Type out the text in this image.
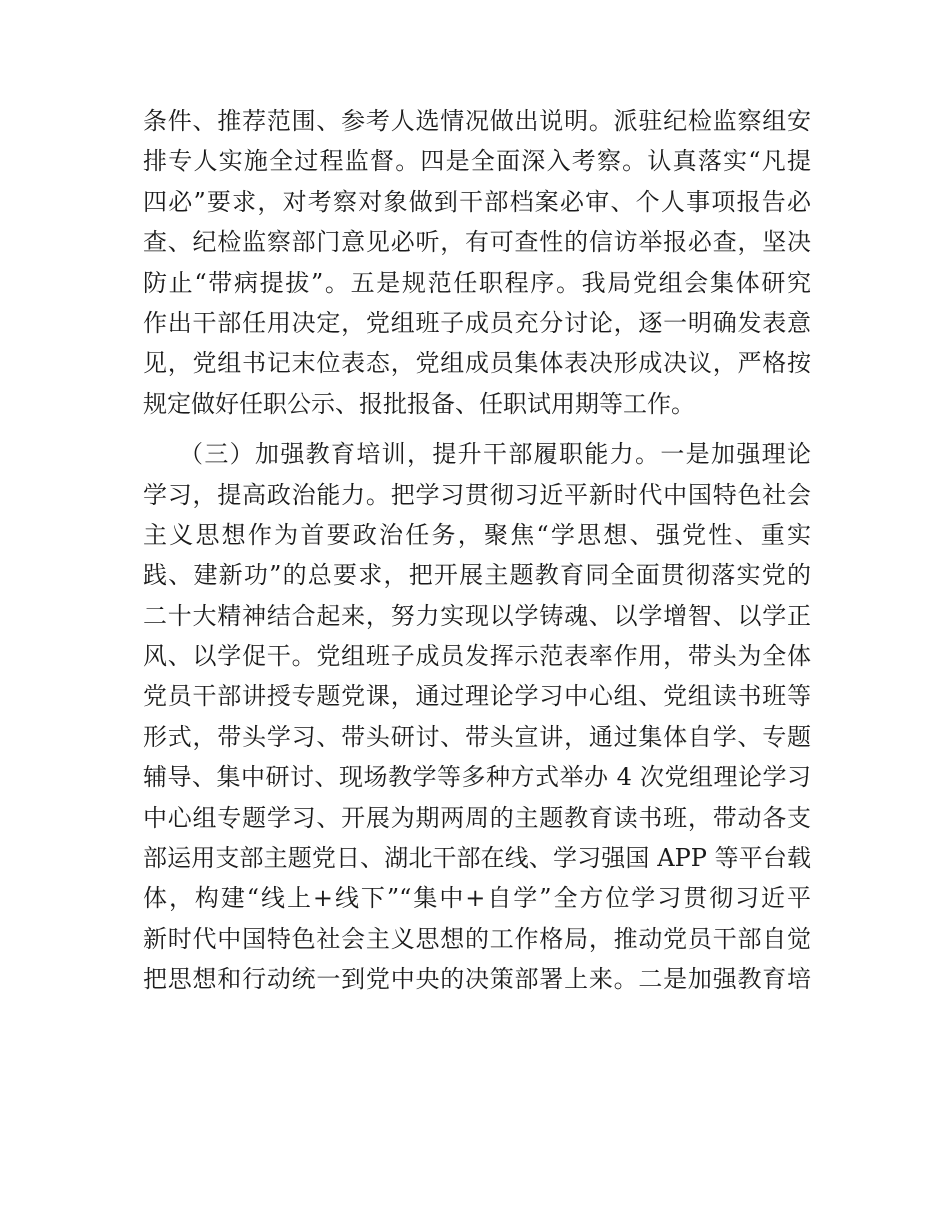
条件、推荐范围、参考人选情况做出说明。派驻纪检监察组安
排专人实施全过程监督。四是全面深入考察。认真落实“凡提
四必”要求，对考察对象做到干部档案必审、个人事项报告必
查、纪检监察部门意见必听，有可查性的信访举报必查，坚决
防止“带病提拔”。五是规范任职程序。我局党组会集体研究
作出干部任用决定，党组班子成员充分讨论，逐一明确发表意
见，党组书记末位表态，党组成员集体表决形成决议，严格按
规定做好任职公示、报批报备、任职试用期等工作。
（三）加强教育培训，提升干部履职能力。一是加强理论
学习，提高政治能力。把学习贯彻习近平新时代中国特色社会
主义思想作为首要政治任务，聚焦“学思想、强党性、重实
践、建新功”的总要求，把开展主题教育同全面贯彻落实党的
二十大精神结合起来，努力实现以学铸魂、以学增智、以学正
风、以学促干。党组班子成员发挥示范表率作用，带头为全体
党员干部讲授专题党课，通过理论学习中心组、党组读书班等
形式，带头学习、带头研讨、带头宣讲，通过集体自学、专题
辅导、集中研讨、现场教学等多种方式举办 4 次党组理论学习
中心组专题学习、开展为期两周的主题教育读书班，带动各支
部运用支部主题党日、湖北干部在线、学习强国 APP 等平台载
体，构建“线上+线下”“集中+自学”全方位学习贯彻习近平
新时代中国特色社会主义思想的工作格局，推动党员干部自觉
把思想和行动统一到党中央的决策部署上来。二是加强教育培
